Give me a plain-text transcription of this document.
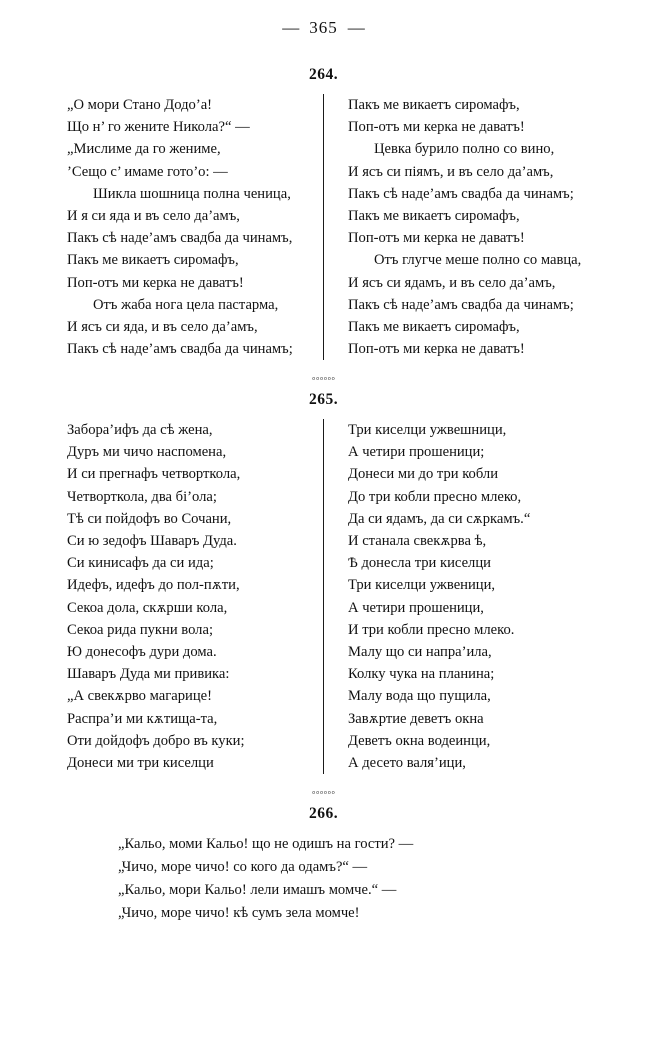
— 365 —
264.
„О мори Стано Додо’а!
Що н’ го жените Никола?“ —
„Мислиме да го жениме,
’Сещо с’ имаме гото’о: —
Шикла шошница полна ченица,
И я си яда и въ село да’амъ,
Пакъ сѣ наде’амъ свадба да чинамъ,
Пакъ ме викаетъ сиромафъ,
Поп-отъ ми керка не даватъ!
Отъ жаба нога цела пастарма,
И ясъ си яда, и въ село да’амъ,
Пакъ сѣ наде’амъ свадба да чинамъ;
Пакъ ме викаетъ сиромафъ,
Поп-отъ ми керка не даватъ!
Цевка бурило полно со вино,
И ясъ си піямъ, и въ село да’амъ,
Пакъ сѣ наде’амъ свадба да чинамъ;
Пакъ ме викаетъ сиромафъ,
Поп-отъ ми керка не даватъ!
Отъ глугче меше полно со мавца,
И ясъ си ядамъ, и въ село да’амъ,
Пакъ сѣ наде’амъ свадба да чинамъ;
Пакъ ме викаетъ сиромафъ,
Поп-отъ ми керка не даватъ!
◦◦◦◦◦◦
265.
Забора’ифъ да сѣ жена,
Дуръ ми чичо наспомена,
И си прегнафъ четворткола,
Четворткола, два бі’ола;
Тѣ си пойдофъ во Сочани,
Си ю зедофъ Шаваръ Дуда.
Си кинисафъ да си ида;
Идефъ, идефъ до пол-пѫти,
Секоа дола, скѫрши кола,
Секоа рида пукни вола;
Ю донесофъ дури дома.
Шаваръ Дуда ми привика:
„А свекѫрво магарице!
Распра’и ми кѫтища-та,
Оти дойдофъ добро въ куки;
Донеси ми три киселци
Три киселци ужвешници,
А четири прошеници;
Донеси ми до три кобли
До три кобли пресно млеко,
Да си ядамъ, да си сѫркамъ.“
И станала свекѫрва ѣ,
Ѣ донесла три киселци
Три киселци ужвеници,
А четири прошеници,
И три кобли пресно млеко.
Малу що си напра’ила,
Колку чука на планина;
Малу вода що пущила,
Завѫртие деветъ окна
Деветъ окна водеинци,
А десето валя’ици,
◦◦◦◦◦◦
266.
„Кальо, моми Кальо! що не одишъ на гости? —
„Чичо, море чичо! со кого да одамъ?“ —
„Кальо, мори Кальо! лели имашъ момче.“ —
„Чичо, море чичо! кѣ сумъ зела момче!
